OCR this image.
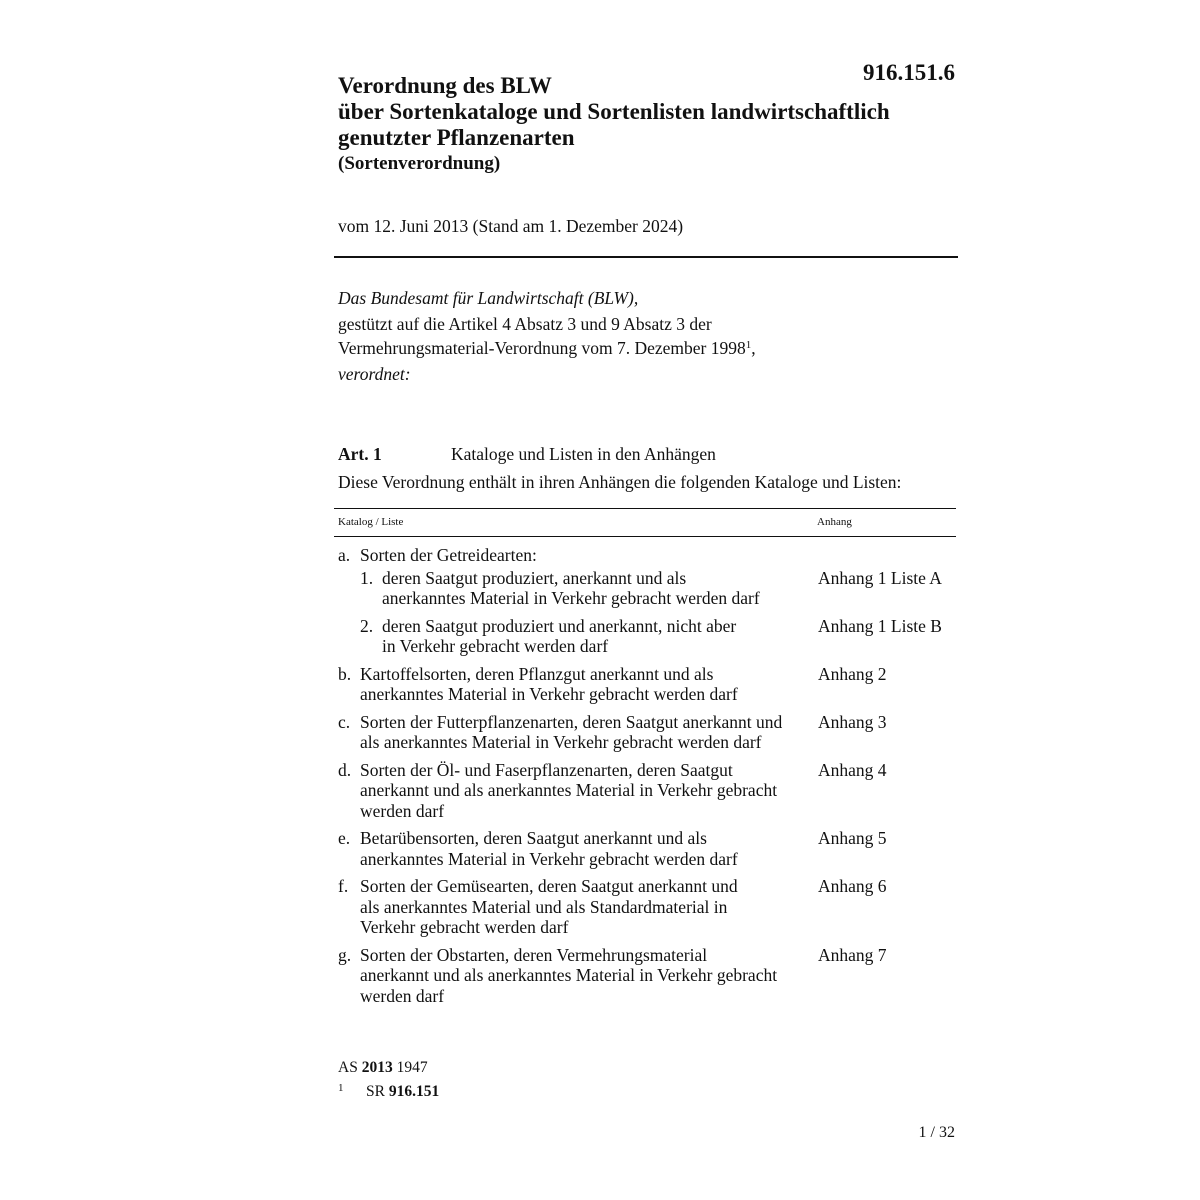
916.151.6
Verordnung des BLW
über Sortenkataloge und Sortenlisten landwirtschaftlich
genutzter Pflanzenarten
(Sortenverordnung)
vom 12. Juni 2013 (Stand am 1. Dezember 2024)
Das Bundesamt für Landwirtschaft (BLW),
gestützt auf die Artikel 4 Absatz 3 und 9 Absatz 3 der
Vermehrungsmaterial-Verordnung vom 7. Dezember 1998$^1$,
verordnet:
Art. 1	Kataloge und Listen in den Anhängen
Diese Verordnung enthält in ihren Anhängen die folgenden Kataloge und Listen:
Katalog / Liste	Anhang
a. Sorten der Getreidearten:
1. deren Saatgut produziert, anerkannt und als
anerkanntes Material in Verkehr gebracht werden darf
Anhang 1 Liste A
2. deren Saatgut produziert und anerkannt, nicht aber
in Verkehr gebracht werden darf
Anhang 1 Liste B
b. Kartoffelsorten, deren Pflanzgut anerkannt und als
anerkanntes Material in Verkehr gebracht werden darf
Anhang 2
c. Sorten der Futterpflanzenarten, deren Saatgut anerkannt und
als anerkanntes Material in Verkehr gebracht werden darf
Anhang 3
d. Sorten der Öl- und Faserpflanzenarten, deren Saatgut
anerkannt und als anerkanntes Material in Verkehr gebracht
werden darf
Anhang 4
e. Betarübensorten, deren Saatgut anerkannt und als
anerkanntes Material in Verkehr gebracht werden darf
Anhang 5
f. Sorten der Gemüsearten, deren Saatgut anerkannt und
als anerkanntes Material und als Standardmaterial in
Verkehr gebracht werden darf
Anhang 6
g. Sorten der Obstarten, deren Vermehrungsmaterial
anerkannt und als anerkanntes Material in Verkehr gebracht
werden darf
Anhang 7
AS 2013 1947
1 SR 916.151
1 / 32
